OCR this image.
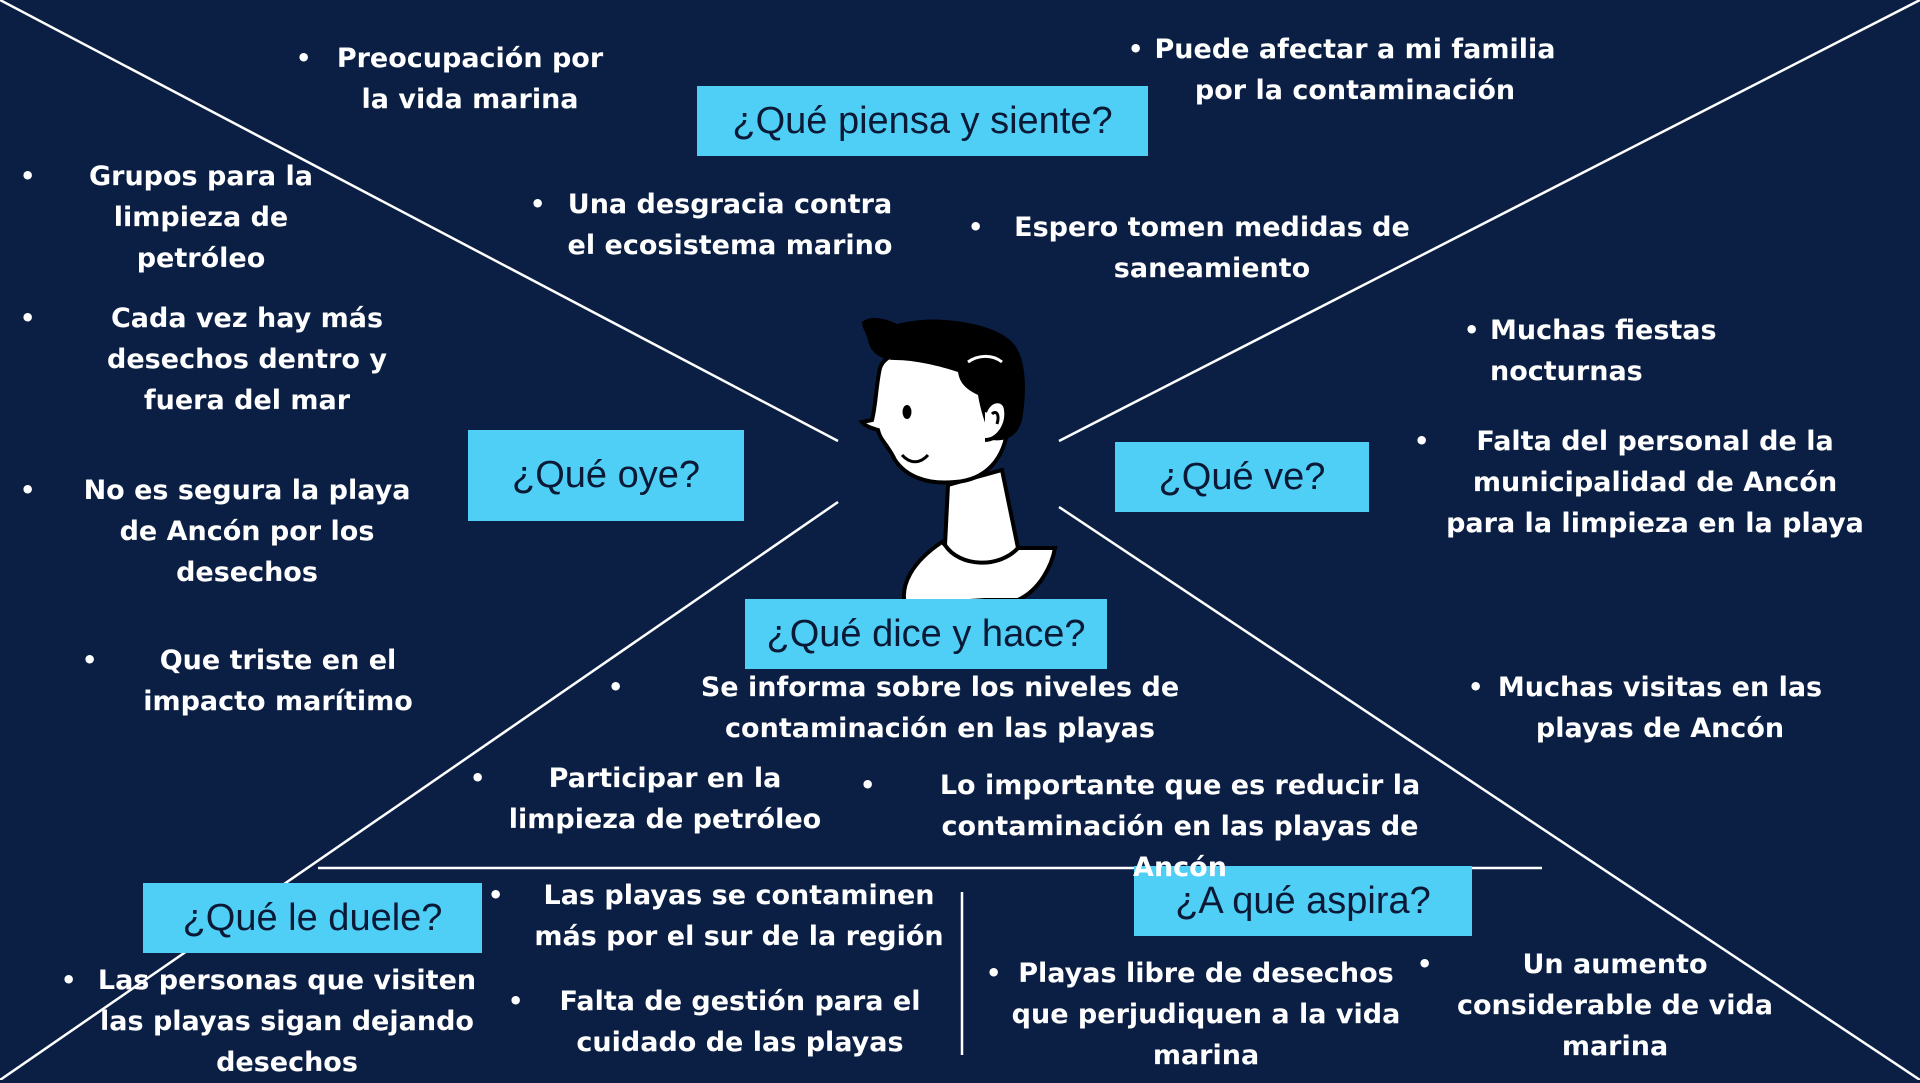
¿Qué piensa y siente?
¿Qué oye?	¿Qué ve?
¿Qué dice y hace?
¿Qué le duele?	¿A qué aspira?
• Preocupación por la vida marina
• Puede afectar a mi familia por la contaminación
• Una desgracia contra el ecosistema marino
• Espero tomen medidas de saneamiento
•	Grupos para la limpieza de petróleo
•	Cada vez hay más desechos dentro y fuera del mar
•	No es segura la playa de Ancón por los desechos
•	Que triste en el impacto marítimo
• Muchas fiestas nocturnas
•	Falta del personal de la municipalidad de Ancón para la limpieza en la playa
• Muchas visitas en las playas de Ancón
•	Se informa sobre los niveles de contaminación en las playas
•	Participar en la limpieza de petróleo
•	Lo importante que es reducir la contaminación en las playas de Ancón
•	Las playas se contaminen más por el sur de la región
• Las personas que visiten las playas sigan dejando desechos
•	Falta de gestión para el cuidado de las playas
• Playas libre de desechos que perjudiquen a la vida marina
•	Un aumento considerable de vida marina
